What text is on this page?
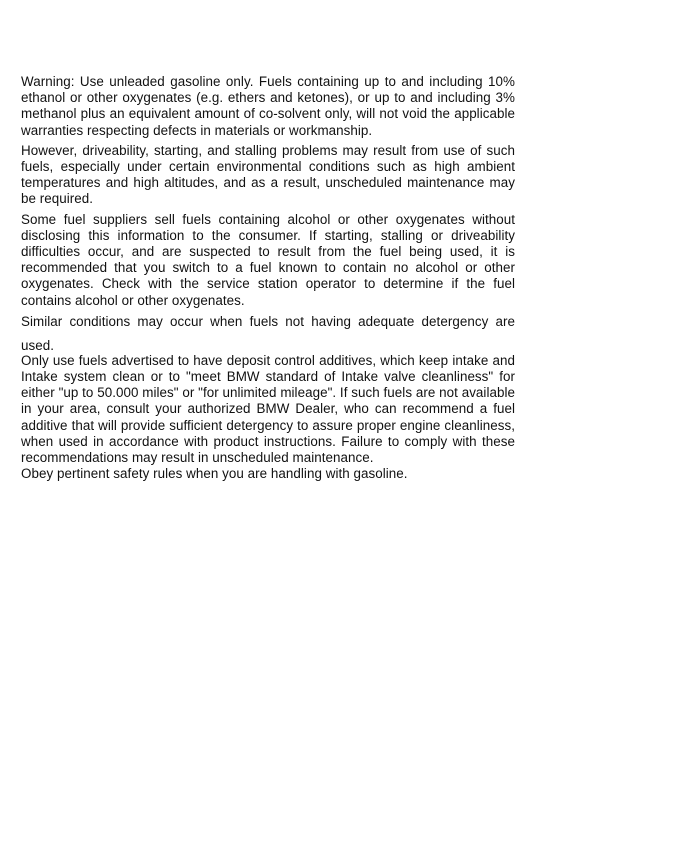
Warning: Use unleaded gasoline only. Fuels containing up to and including 10% ethanol or other oxygenates (e.g. ethers and ketones), or up to and including 3% methanol plus an equivalent amount of co-solvent only, will not void the applicable warranties respecting defects in materials or workmanship.

However, driveability, starting, and stalling problems may result from use of such fuels, especially under certain environmental conditions such as high ambient temperatures and high altitudes, and as a result, unscheduled maintenance may be required.

Some fuel suppliers sell fuels containing alcohol or other oxygenates without disclosing this information to the consumer. If starting, stalling or driveability difficulties occur, and are suspected to result from the fuel being used, it is recommended that you switch to a fuel known to contain no alcohol or other oxygenates. Check with the service station operator to determine if the fuel contains alcohol or other oxygenates.

Similar conditions may occur when fuels not having adequate detergency are used.

Only use fuels advertised to have deposit control additives, which keep intake and Intake system clean or to "meet BMW standard of Intake valve cleanliness" for either "up to 50.000 miles" or "for unlimited mileage". If such fuels are not available in your area, consult your authorized BMW Dealer, who can recommend a fuel additive that will provide sufficient detergency to assure proper engine cleanliness, when used in accordance with product instructions. Failure to comply with these recommendations may result in unscheduled maintenance.

Obey pertinent safety rules when you are handling with gasoline.
